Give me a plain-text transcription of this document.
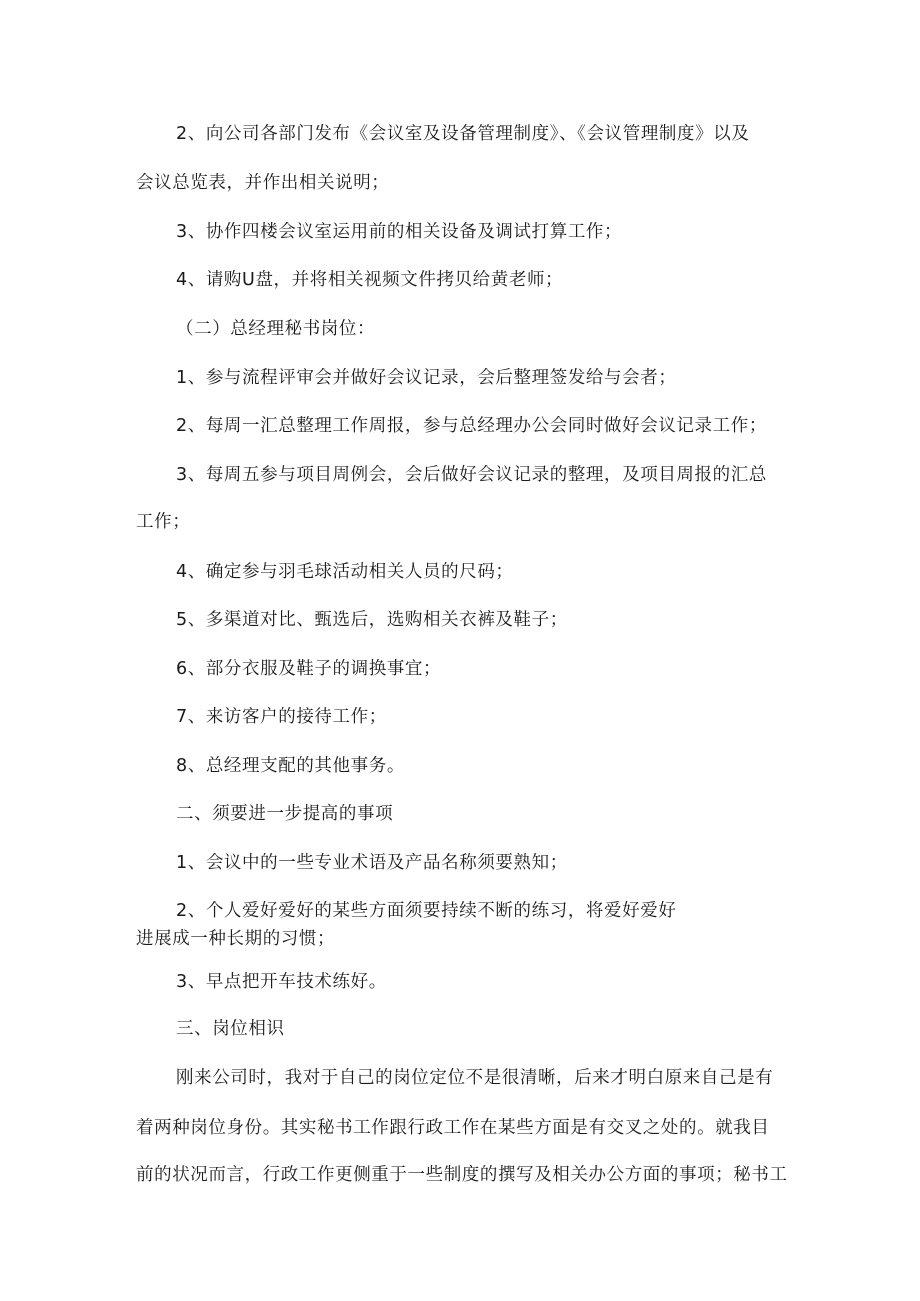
2、向公司各部门发布《会议室及设备管理制度》、《会议管理制度》以及
会议总览表，并作出相关说明；
3、协作四楼会议室运用前的相关设备及调试打算工作；
4、请购U盘，并将相关视频文件拷贝给黄老师；
（二）总经理秘书岗位：
1、参与流程评审会并做好会议记录，会后整理签发给与会者；
2、每周一汇总整理工作周报，参与总经理办公会同时做好会议记录工作；
3、每周五参与项目周例会，会后做好会议记录的整理，及项目周报的汇总
工作；
4、确定参与羽毛球活动相关人员的尺码；
5、多渠道对比、甄选后，选购相关衣裤及鞋子；
6、部分衣服及鞋子的调换事宜；
7、来访客户的接待工作；
8、总经理支配的其他事务。
二、须要进一步提高的事项
1、会议中的一些专业术语及产品名称须要熟知；
2、个人爱好爱好的某些方面须要持续不断的练习，将爱好爱好
进展成一种长期的习惯；
3、早点把开车技术练好。
三、岗位相识
刚来公司时，我对于自己的岗位定位不是很清晰，后来才明白原来自己是有
着两种岗位身份。其实秘书工作跟行政工作在某些方面是有交叉之处的。就我目
前的状况而言，行政工作更侧重于一些制度的撰写及相关办公方面的事项；秘书工
